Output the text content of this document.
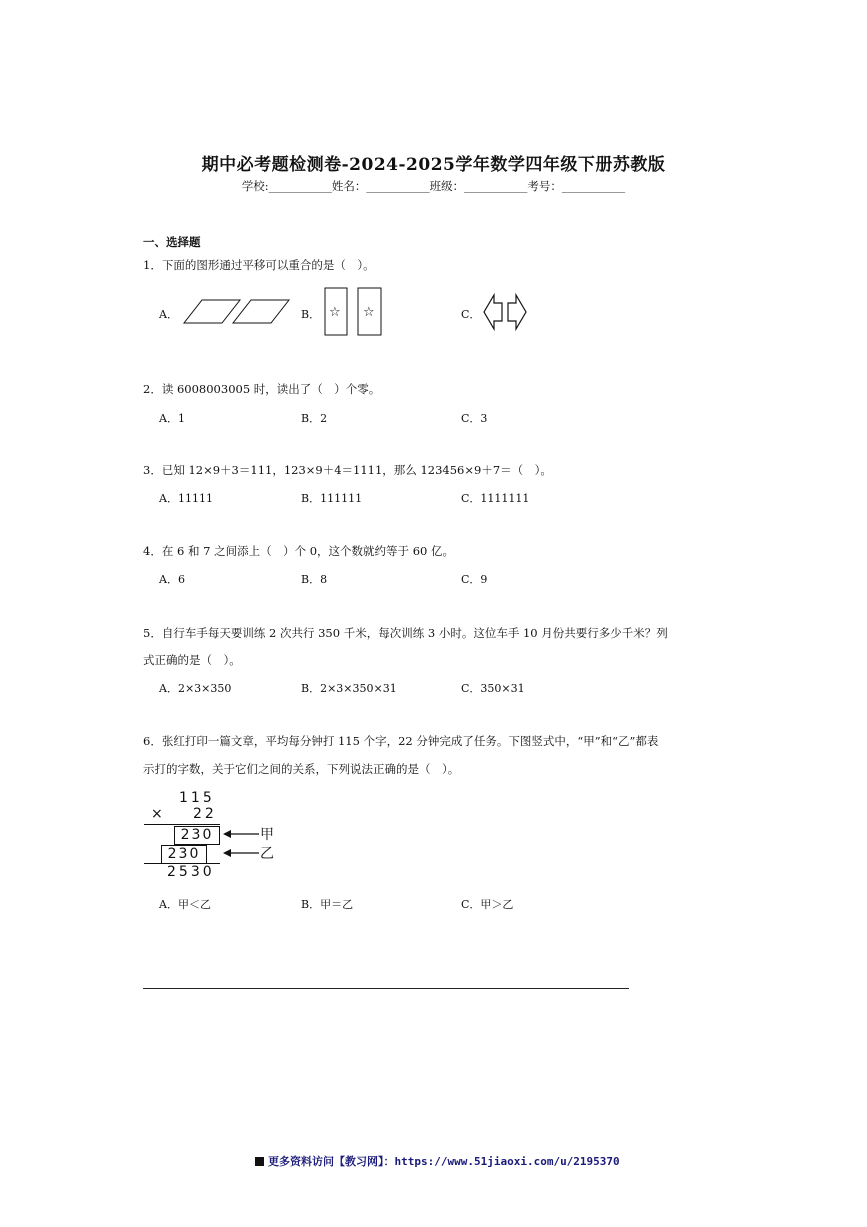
期中必考题检测卷-2024-2025学年数学四年级下册苏教版
学校:___________姓名：___________班级：___________考号：___________
一、选择题
1．下面的图形通过平移可以重合的是（　）。
A．	B． ☆ ☆	C．
2．读 6008003005 时，读出了（　）个零。
A．1	B．2	C．3
3．已知 12×9＋3＝111，123×9＋4＝1111，那么 123456×9＋7＝（　）。
A．11111	B．111111	C．1111111
4．在 6 和 7 之间添上（　）个 0，这个数就约等于 60 亿。
A．6	B．8	C．9
5．自行车手每天要训练 2 次共行 350 千米，每次训练 3 小时。这位车手 10 月份共要行多少千米？列
式正确的是（　）。
A．2×3×350	B．2×3×350×31	C．350×31
6．张红打印一篇文章，平均每分钟打 115 个字，22 分钟完成了任务。下图竖式中，“甲”和“乙”都表
示打的字数，关于它们之间的关系，下列说法正确的是（　）。
115
× 22
230	甲
230	乙
2530
A．甲＜乙	B．甲＝乙	C．甲＞乙
更多资料访问【教习网】：https://www.51jiaoxi.com/u/2195370
